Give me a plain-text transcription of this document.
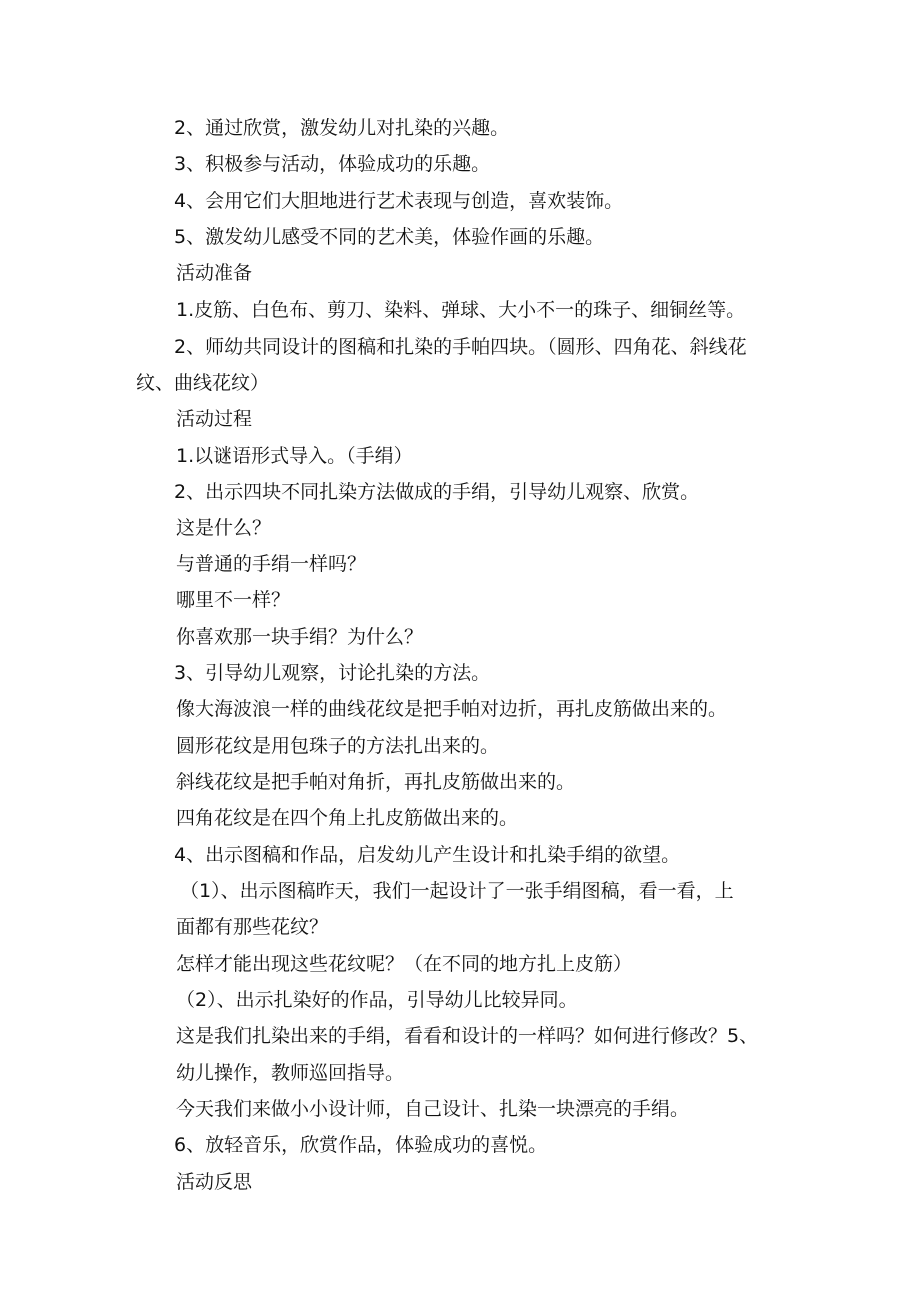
2、通过欣赏，激发幼儿对扎染的兴趣。

3、积极参与活动，体验成功的乐趣。

4、会用它们大胆地进行艺术表现与创造，喜欢装饰。

5、激发幼儿感受不同的艺术美，体验作画的乐趣。

活动准备

1.皮筋、白色布、剪刀、染料、弹球、大小不一的珠子、细铜丝等。

2、师幼共同设计的图稿和扎染的手帕四块。（圆形、四角花、斜线花

纹、曲线花纹）

活动过程

1.以谜语形式导入。（手绢）

2、出示四块不同扎染方法做成的手绢，引导幼儿观察、欣赏。

这是什么？

与普通的手绢一样吗？

哪里不一样？

你喜欢那一块手绢？为什么？

3、引导幼儿观察，讨论扎染的方法。

像大海波浪一样的曲线花纹是把手帕对边折，再扎皮筋做出来的。

圆形花纹是用包珠子的方法扎出来的。

斜线花纹是把手帕对角折，再扎皮筋做出来的。

四角花纹是在四个角上扎皮筋做出来的。

4、出示图稿和作品，启发幼儿产生设计和扎染手绢的欲望。

（1）、出示图稿昨天，我们一起设计了一张手绢图稿，看一看，上

面都有那些花纹？

怎样才能出现这些花纹呢？（在不同的地方扎上皮筋）

（2）、出示扎染好的作品，引导幼儿比较异同。

这是我们扎染出来的手绢，看看和设计的一样吗？如何进行修改？5、

幼儿操作，教师巡回指导。

今天我们来做小小设计师，自己设计、扎染一块漂亮的手绢。

6、放轻音乐，欣赏作品，体验成功的喜悦。

活动反思
